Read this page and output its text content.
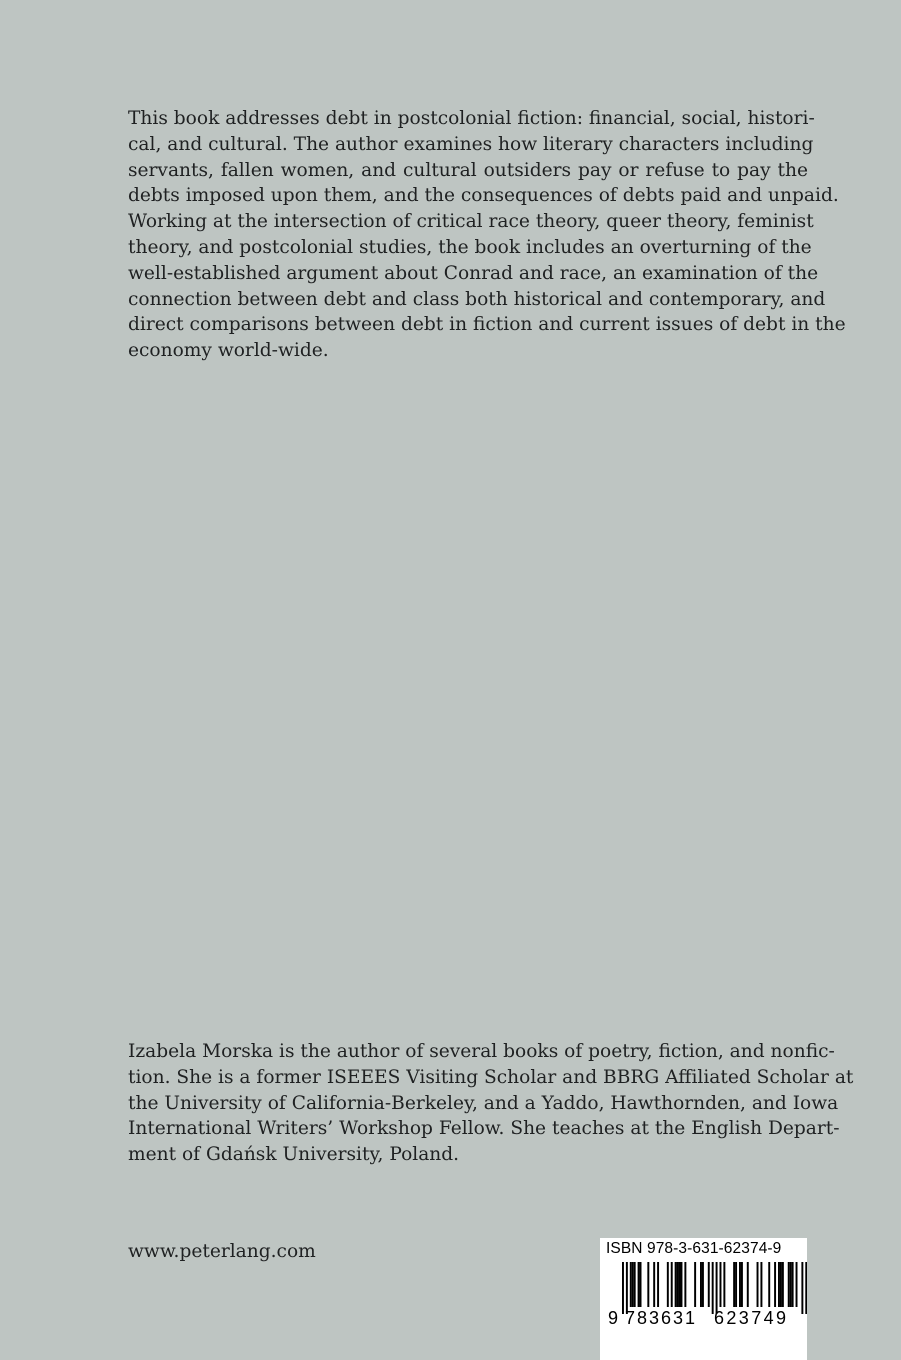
This book addresses debt in postcolonial fiction: financial, social, histori-
cal, and cultural. The author examines how literary characters including
servants, fallen women, and cultural outsiders pay or refuse to pay the
debts imposed upon them, and the consequences of debts paid and unpaid.
Working at the intersection of critical race theory, queer theory, feminist
theory, and postcolonial studies, the book includes an overturning of the
well-established argument about Conrad and race, an examination of the
connection between debt and class both historical and contemporary, and
direct comparisons between debt in fiction and current issues of debt in the
economy world-wide.
Izabela Morska is the author of several books of poetry, fiction, and nonfic-
tion. She is a former ISEEES Visiting Scholar and BBRG Affiliated Scholar at
the University of California-Berkeley, and a Yaddo, Hawthornden, and Iowa
International Writers’ Workshop Fellow. She teaches at the English Depart-
ment of Gdańsk University, Poland.
www.peterlang.com	ISBN 978-3-631-62374-9
9 783631 623749
